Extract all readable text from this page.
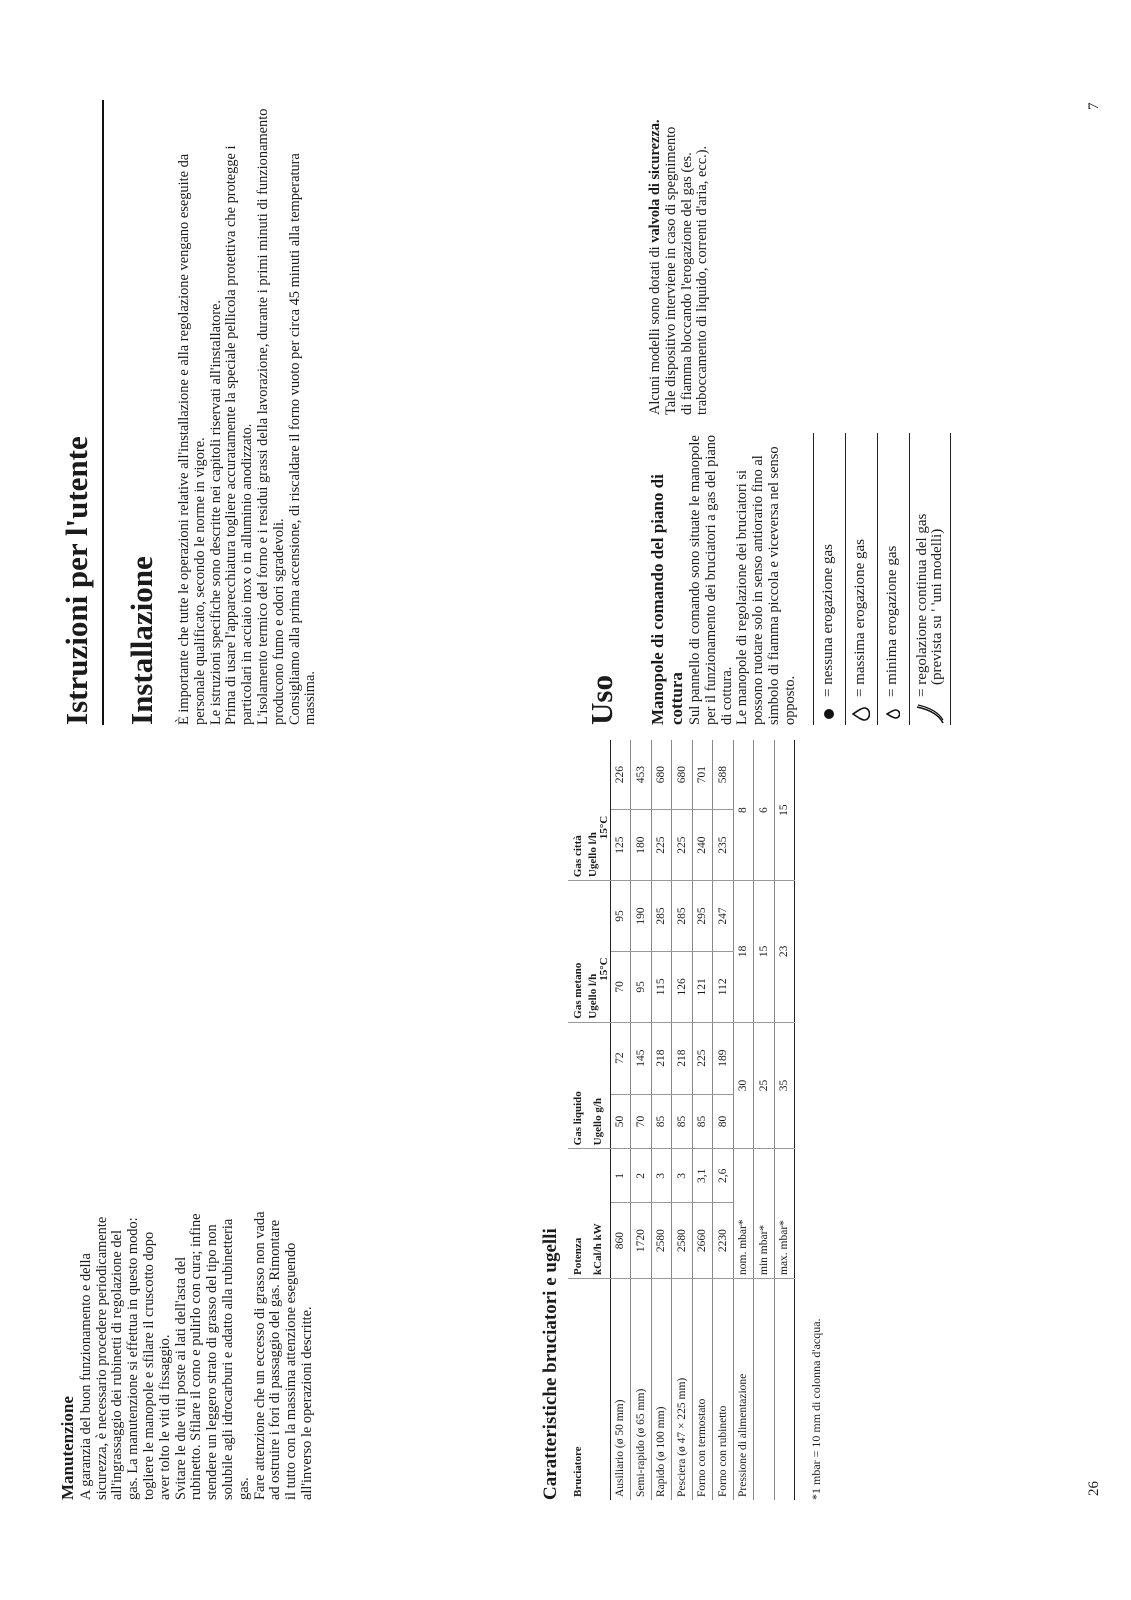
Manutenzione A garanzia del buon funzionamento e della sicurezza, è necessario procedere periodicamente all'ingrassaggio dei rubinetti di regolazione del gas. La manutenzione si effettua in questo modo: togliere le manopole e sfilare il cruscotto dopo aver tolto le viti di fissaggio. Svitare le due viti poste ai lati dell'asta del rubinetto. Sfilare il cono e pulirlo con cura; infine stendere un leggero strato di grasso del tipo non solubile agli idrocarburi e adatto alla rubinetteria gas. Fare attenzione che un eccesso di grasso non vada ad ostruire i fori di passaggio del gas. Rimontare il tutto con la massima attenzione eseguendo all'inverso le operazioni descritte.	Caratteristiche bruciatori e ugelli Bruciatore	Potenza		Gas liquido		Gas metano		Gas città	
	kCal/h kW		Ugello g/h		Ugello l/h
15°C		Ugello l/h
15°C	
Ausiliario (ø 50 mm)	860	1	50	72	70	95	125	226
Semi-rapido (ø 65 mm)	1720	2	70	145	95	190	180	453
Rapido (ø 100 mm)	2580	3	85	218	115	285	225	680
Pesciera (ø 47 × 225 mm)	2580	3	85	218	126	285	225	680
Forno con termostato	2660	3,1	85	225	121	295	240	701
Forno con rubinetto	2230	2,6	80	189	112	247	235	588
Pressione di alimentazione	nom. mbar*		30		18		8	
	min mbar*		25		15		6	
	max. mbar*		35		23		15	
*1 mbar = 10 mm di colonna d'acqua.	26
Istruzioni per l'utente Installazione È importante che tutte le operazioni relative all'installazione e alla regolazione vengano eseguite da personale qualificato, secondo le norme in vigore. Le istruzioni specifiche sono descritte nei capitoli riservati all'installatore. Prima di usare l'apparecchiatura togliere accuratamente la speciale pellicola protettiva che protegge i particolari in acciaio inox o in alluminio anodizzato. L'isolamento termico del forno e i residui grassi della lavorazione, durante i primi minuti di funzionamento producono fumo e odori sgradevoli. Consigliamo alla prima accensione, di riscaldare il forno vuoto per circa 45 minuti alla temperatura massima.	Uso Manopole di comando del piano di cottura Sul pannello di comando sono situate le manopole per il funzionamento dei bruciatori a gas del piano di cottura. Le manopole di regolazione dei bruciatori si possono ruotare solo in senso antiorario fino al simbolo di fiamma piccola e viceversa nel senso opposto.

= nessuna erogazione gas = massima erogazione gas = minima erogazione gas = regolazione continua del gas
(prevista su ' 'uni modelli)

Alcuni modelli sono dotati di valvola di sicurezza. Tale dispositivo interviene in caso di spegnimento di fiamma bloccando l'erogazione del gas (es. traboccamento di liquido, correnti d'aria, ecc.).

7
